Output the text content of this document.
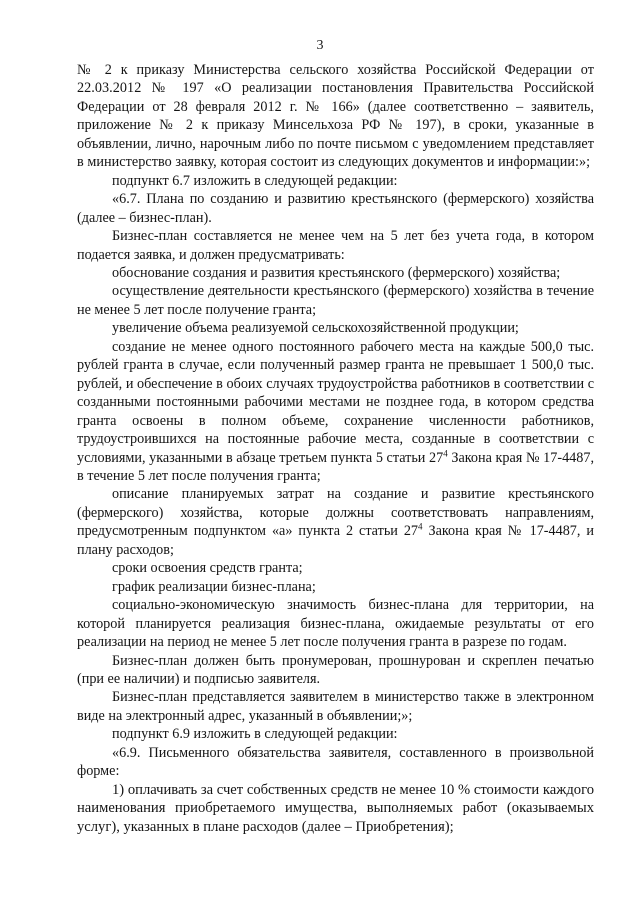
3

№ 2 к приказу Министерства сельского хозяйства Российской Федерации от 22.03.2012 № 197 «О реализации постановления Правительства Российской Федерации от 28 февраля 2012 г. № 166» (далее соответственно – заявитель, приложение № 2 к приказу Минсельхоза РФ № 197), в сроки, указанные в объявлении, лично, нарочным либо по почте письмом с уведомлением представляет в министерство заявку, которая состоит из следующих документов и информации:»;

подпункт 6.7 изложить в следующей редакции:

«6.7. Плана по созданию и развитию крестьянского (фермерского) хозяйства (далее – бизнес-план).

Бизнес-план составляется не менее чем на 5 лет без учета года, в котором подается заявка, и должен предусматривать:

обоснование создания и развития крестьянского (фермерского) хозяйства;

осуществление деятельности крестьянского (фермерского) хозяйства в течение не менее 5 лет после получение гранта;

увеличение объема реализуемой сельскохозяйственной продукции;

создание не менее одного постоянного рабочего места на каждые 500,0 тыс. рублей гранта в случае, если полученный размер гранта не превышает 1 500,0 тыс. рублей, и обеспечение в обоих случаях трудоустройства работников в соответствии с созданными постоянными рабочими местами не позднее года, в котором средства гранта освоены в полном объеме, сохранение численности работников, трудоустроившихся на постоянные рабочие места, созданные в соответствии с условиями, указанными в абзаце третьем пункта 5 статьи $27^4$ Закона края № 17-4487, в течение 5 лет после получения гранта;

описание планируемых затрат на создание и развитие крестьянского (фермерского) хозяйства, которые должны соответствовать направлениям, предусмотренным подпунктом «а» пункта 2 статьи $27^4$ Закона края № 17-4487, и плану расходов;

сроки освоения средств гранта;

график реализации бизнес-плана;

социально-экономическую значимость бизнес-плана для территории, на которой планируется реализация бизнес-плана, ожидаемые результаты от его реализации на период не менее 5 лет после получения гранта в разрезе по годам.

Бизнес-план должен быть пронумерован, прошнурован и скреплен печатью (при ее наличии) и подписью заявителя.

Бизнес-план представляется заявителем в министерство также в электронном виде на электронный адрес, указанный в объявлении;»;

подпункт 6.9 изложить в следующей редакции:

«6.9. Письменного обязательства заявителя, составленного в произвольной форме:

1) оплачивать за счет собственных средств не менее 10 % стоимости каждого наименования приобретаемого имущества, выполняемых работ (оказываемых услуг), указанных в плане расходов (далее – Приобретения);
